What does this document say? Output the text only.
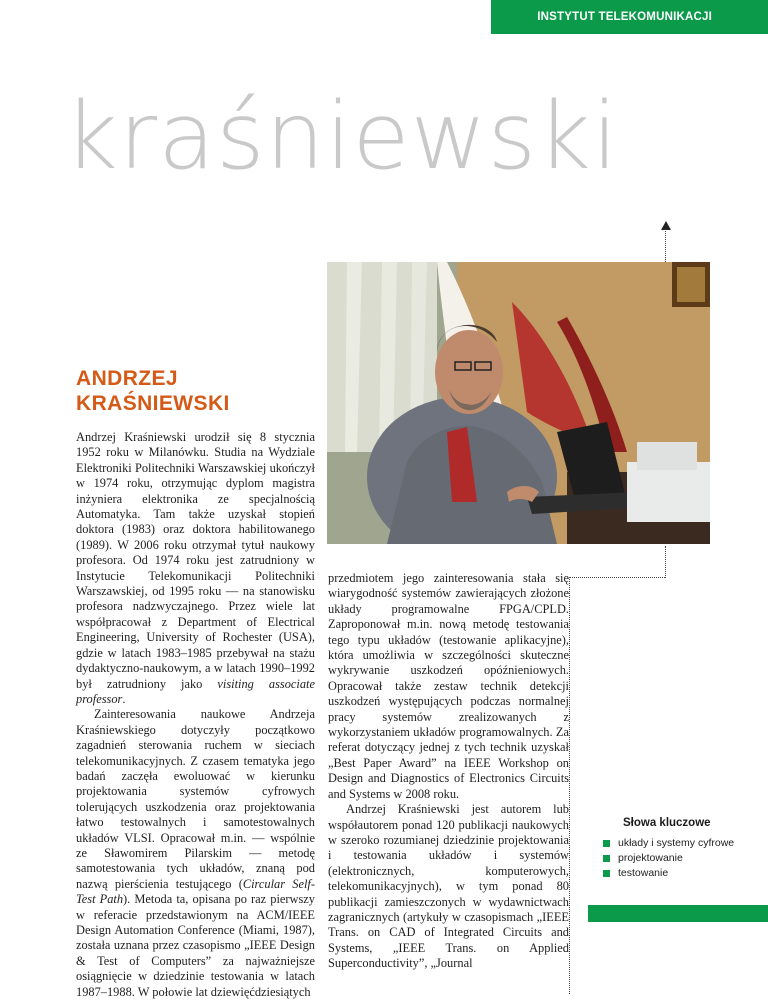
INSTYTUT TELEKOMUNIKACJI
kraśniewski
ANDRZEJ
KRAŚNIEWSKI

Andrzej Kraśniewski urodził się 8 stycznia 1952 roku w Milanówku. Studia na Wydziale Elektroniki Politechniki Warszawskiej ukończył w 1974 roku, otrzymując dyplom magistra inżyniera elektronika ze specjalnością Automatyka. Tam także uzyskał stopień doktora (1983) oraz doktora habilitowanego (1989). W 2006 roku otrzymał tytuł naukowy profesora. Od 1974 roku jest zatrudniony w Instytucie Telekomunikacji Politechniki Warszawskiej, od 1995 roku — na stanowisku profesora nadzwyczajnego. Przez wiele lat współpracował z Department of Electrical Engineering, University of Rochester (USA), gdzie w latach 1983–1985 przebywał na stażu dydaktyczno-naukowym, a w latach 1990–1992 był zatrudniony jako visiting associate professor.

Zainteresowania naukowe Andrzeja Kraśniewskiego dotyczyły początkowo zagadnień sterowania ruchem w sieciach telekomunikacyjnych. Z czasem tematyka jego badań zaczęła ewoluować w kierunku projektowania systemów cyfrowych tolerujących uszkodzenia oraz projektowania łatwo testowalnych i samotestowalnych układów VLSI. Opracował m.in. — wspólnie ze Sławomirem Pilarskim — metodę samotestowania tych układów, znaną pod nazwą pierścienia testującego (Circular Self-Test Path). Metoda ta, opisana po raz pierwszy w referacie przedstawionym na ACM/IEEE Design Automation Conference (Miami, 1987), została uznana przez czasopismo „IEEE Design & Test of Computers” za najważniejsze osiągnięcie w dziedzinie testowania w latach 1987–1988. W połowie lat dziewięćdziesiątych

przedmiotem jego zainteresowania stała się wiarygodność systemów zawierających złożone układy programowalne FPGA/CPLD. Zaproponował m.in. nową metodę testowania tego typu układów (testowanie aplikacyjne), która umożliwia w szczególności skuteczne wykrywanie uszkodzeń opóźnieniowych. Opracował także zestaw technik detekcji uszkodzeń występujących podczas normalnej pracy systemów zrealizowanych z wykorzystaniem układów programowalnych. Za referat dotyczący jednej z tych technik uzyskał „Best Paper Award” na IEEE Workshop on Design and Diagnostics of Electronics Circuits and Systems w 2008 roku.

Andrzej Kraśniewski jest autorem lub współautorem ponad 120 publikacji naukowych w szeroko rozumianej dziedzinie projektowania i testowania układów i systemów (elektronicznych, komputerowych, telekomunikacyjnych), w tym ponad 80 publikacji zamieszczonych w wydawnictwach zagranicznych (artykuły w czasopismach „IEEE Trans. on CAD of Integrated Circuits and Systems, „IEEE Trans. on Applied Superconductivity”, „Journal

Słowa kluczowe
układy i systemy cyfrowe
projektowanie
testowanie
